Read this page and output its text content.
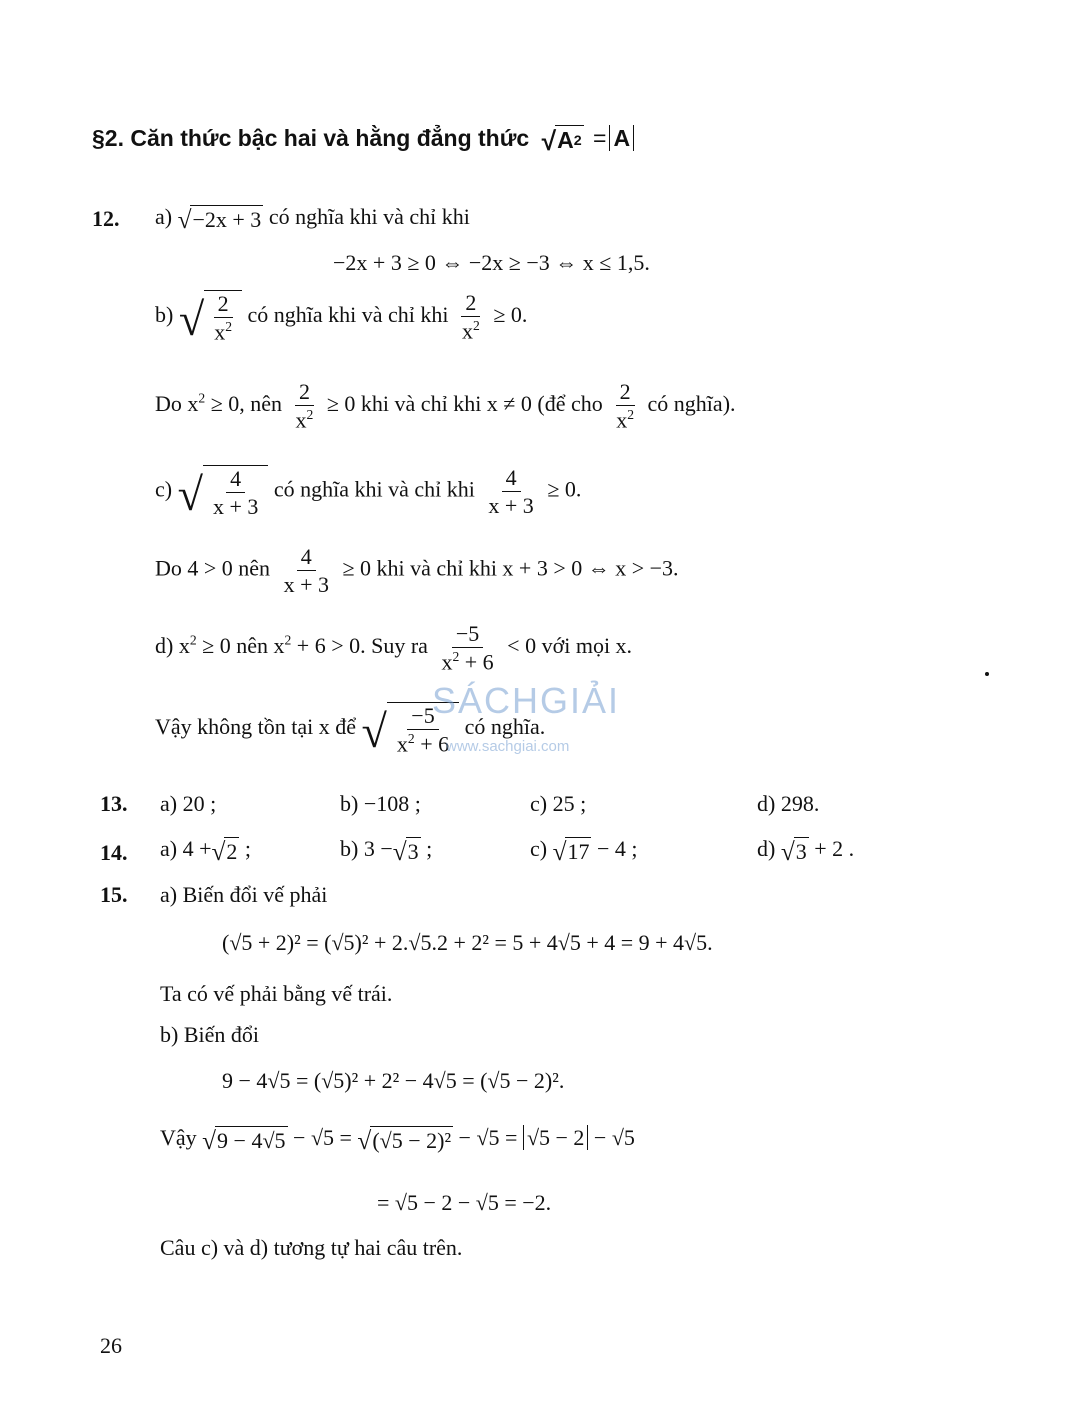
§2. Căn thức bậc hai và hằng đẳng thức √ A 2 = A
12. a) √ −2x + 3 có nghĩa khi và chỉ khi
−2x + 3 ≥ 0 ⇔ −2x ≥ −3 ⇔ x ≤ 1,5.
b) √ $\frac{2}{x^2}$ có nghĩa khi và chỉ khi $\frac{2}{x^2} \ge 0$.
Do $x^2 \ge 0$, nên $\frac{2}{x^2} \ge 0$ khi và chỉ khi x ≠ 0 (để cho $\frac{2}{x^2}$ có nghĩa).
c) √ $\frac{4}{x + 3}$ có nghĩa khi và chỉ khi $\frac{4}{x + 3} \ge 0$.
Do 4 > 0 nên $\frac{4}{x + 3} \ge 0$ khi và chỉ khi x + 3 > 0 ⇔ x > −3.
d) $x^2 \ge 0$ nên $x^2 + 6 > 0$. Suy ra $\frac{-5}{x^2 + 6} < 0$ với mọi x.
Vậy không tồn tại x để √ $\frac{-5}{x^2 + 6}$ có nghĩa.
SÁCHGIẢI
www.sachgiai.com
13. a) 20 ;	b) −108 ;	c) 25 ;	d) 298.
14. a) 4 + √ 2 ;	b) 3 − √ 3 ;	c) √ 17 − 4 ;	d) √ 3 + 2 .
15. a) Biến đổi vế phải
(√5 + 2)² = (√5)² + 2.√5.2 + 2² = 5 + 4√5 + 4 = 9 + 4√5.
Ta có vế phải bằng vế trái.
b) Biến đổi
9 − 4√5 = (√5)² + 2² − 4√5 = (√5 − 2)².
Vậy √ 9 − 4√5 − √5 = √ (√5 − 2)² − √5 = √5 − 2 − √5
= √5 − 2 − √5 = −2.
Câu c) và d) tương tự hai câu trên.
26
